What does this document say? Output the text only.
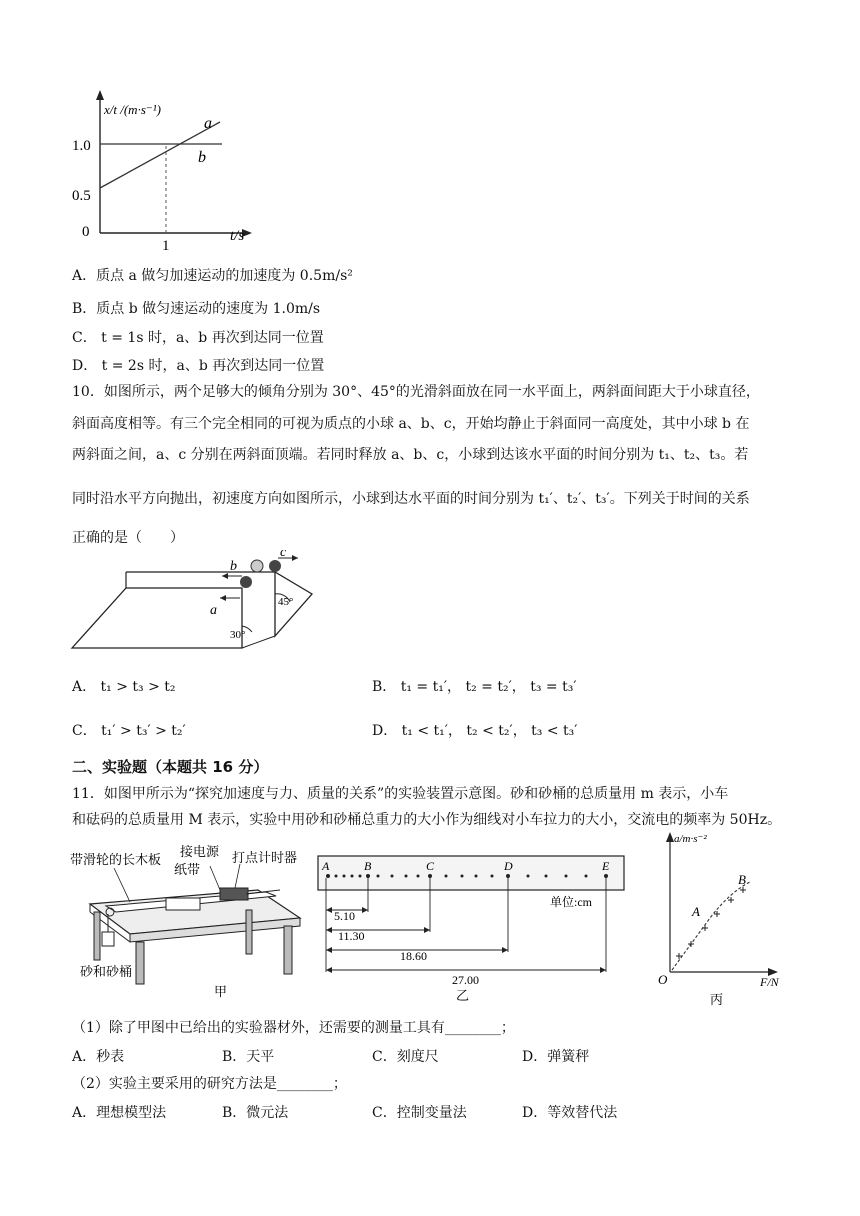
x/t /(m·s⁻¹)
1.0
0.5
0
1
t/s
a
b
A．质点 a 做匀加速运动的加速度为 0.5m/s²
B．质点 b 做匀速运动的速度为 1.0m/s
C． t = 1s 时，a、b 再次到达同一位置
D． t = 2s 时，a、b 再次到达同一位置
10．如图所示，两个足够大的倾角分别为 30°、45°的光滑斜面放在同一水平面上，两斜面间距大于小球直径，
斜面高度相等。有三个完全相同的可视为质点的小球 a、b、c，开始均静止于斜面同一高度处，其中小球 b 在
两斜面之间，a、c 分别在两斜面顶端。若同时释放 a、b、c，小球到达该水平面的时间分别为 t₁、t₂、t₃。若
同时沿水平方向抛出，初速度方向如图所示，小球到达水平面的时间分别为 t₁′、t₂′、t₃′。下列关于时间的关系
正确的是（　　）
b
c
a
45°
30°
A． t₁ > t₃ > t₂	B． t₁ = t₁′， t₂ = t₂′， t₃ = t₃′
C． t₁′ > t₃′ > t₂′	D． t₁ < t₁′， t₂ < t₂′， t₃ < t₃′
二、实验题（本题共 16 分）
11．如图甲所示为“探究加速度与力、质量的关系”的实验装置示意图。砂和砂桶的总质量用 m 表示，小车
和砝码的总质量用 M 表示，实验中用砂和砂桶总重力的大小作为细线对小车拉力的大小，交流电的频率为 50Hz。
带滑轮的长木板
接电源
纸带
打点计时器
砂和砂桶
甲
A	B	C	D	E
5.10
11.30
18.60
27.00
单位:cm
乙
a/m·s⁻²
F/N
O
A
B
丙
（1）除了甲图中已给出的实验器材外，还需要的测量工具有________；
A．秒表	B．天平	C．刻度尺	D．弹簧秤
（2）实验主要采用的研究方法是________；
A．理想模型法	B．微元法	C．控制变量法	D．等效替代法
